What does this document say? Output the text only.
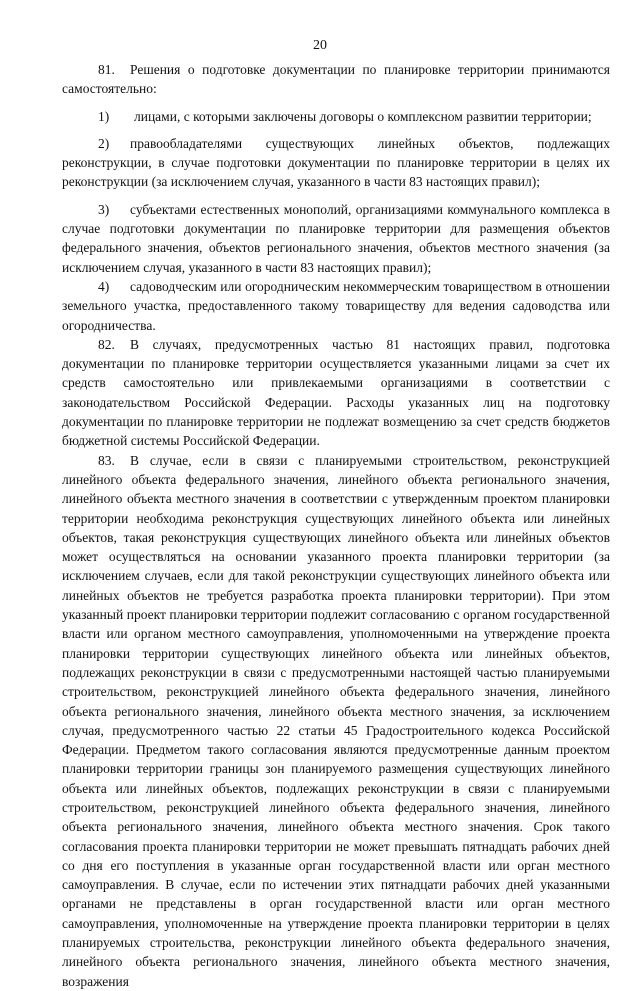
20

81. Решения о подготовке документации по планировке территории принимаются самостоятельно:

1) лицами, с которыми заключены договоры о комплексном развитии территории;

2) правообладателями существующих линейных объектов, подлежащих реконструкции, в случае подготовки документации по планировке территории в целях их реконструкции (за исключением случая, указанного в части 83 настоящих правил);

3) субъектами естественных монополий, организациями коммунального комплекса в случае подготовки документации по планировке территории для размещения объектов федерального значения, объектов регионального значения, объектов местного значения (за исключением случая, указанного в части 83 настоящих правил);

4) садоводческим или огородническим некоммерческим товариществом в отношении земельного участка, предоставленного такому товариществу для ведения садоводства или огородничества.

82. В случаях, предусмотренных частью 81 настоящих правил, подготовка документации по планировке территории осуществляется указанными лицами за счет их средств самостоятельно или привлекаемыми организациями в соответствии с законодательством Российской Федерации. Расходы указанных лиц на подготовку документации по планировке территории не подлежат возмещению за счет средств бюджетов бюджетной системы Российской Федерации.

83. В случае, если в связи с планируемыми строительством, реконструкцией линейного объекта федерального значения, линейного объекта регионального значения, линейного объекта местного значения в соответствии с утвержденным проектом планировки территории необходима реконструкция существующих линейного объекта или линейных объектов, такая реконструкция существующих линейного объекта или линейных объектов может осуществляться на основании указанного проекта планировки территории (за исключением случаев, если для такой реконструкции существующих линейного объекта или линейных объектов не требуется разработка проекта планировки территории). При этом указанный проект планировки территории подлежит согласованию с органом государственной власти или органом местного самоуправления, уполномоченными на утверждение проекта планировки территории существующих линейного объекта или линейных объектов, подлежащих реконструкции в связи с предусмотренными настоящей частью планируемыми строительством, реконструкцией линейного объекта федерального значения, линейного объекта регионального значения, линейного объекта местного значения, за исключением случая, предусмотренного частью 22 статьи 45 Градостроительного кодекса Российской Федерации. Предметом такого согласования являются предусмотренные данным проектом планировки территории границы зон планируемого размещения существующих линейного объекта или линейных объектов, подлежащих реконструкции в связи с планируемыми строительством, реконструкцией линейного объекта федерального значения, линейного объекта регионального значения, линейного объекта местного значения. Срок такого согласования проекта планировки территории не может превышать пятнадцать рабочих дней со дня его поступления в указанные орган государственной власти или орган местного самоуправления. В случае, если по истечении этих пятнадцати рабочих дней указанными органами не представлены в орган государственной власти или орган местного самоуправления, уполномоченные на утверждение проекта планировки территории в целях планируемых строительства, реконструкции линейного объекта федерального значения, линейного объекта регионального значения, линейного объекта местного значения, возражения
